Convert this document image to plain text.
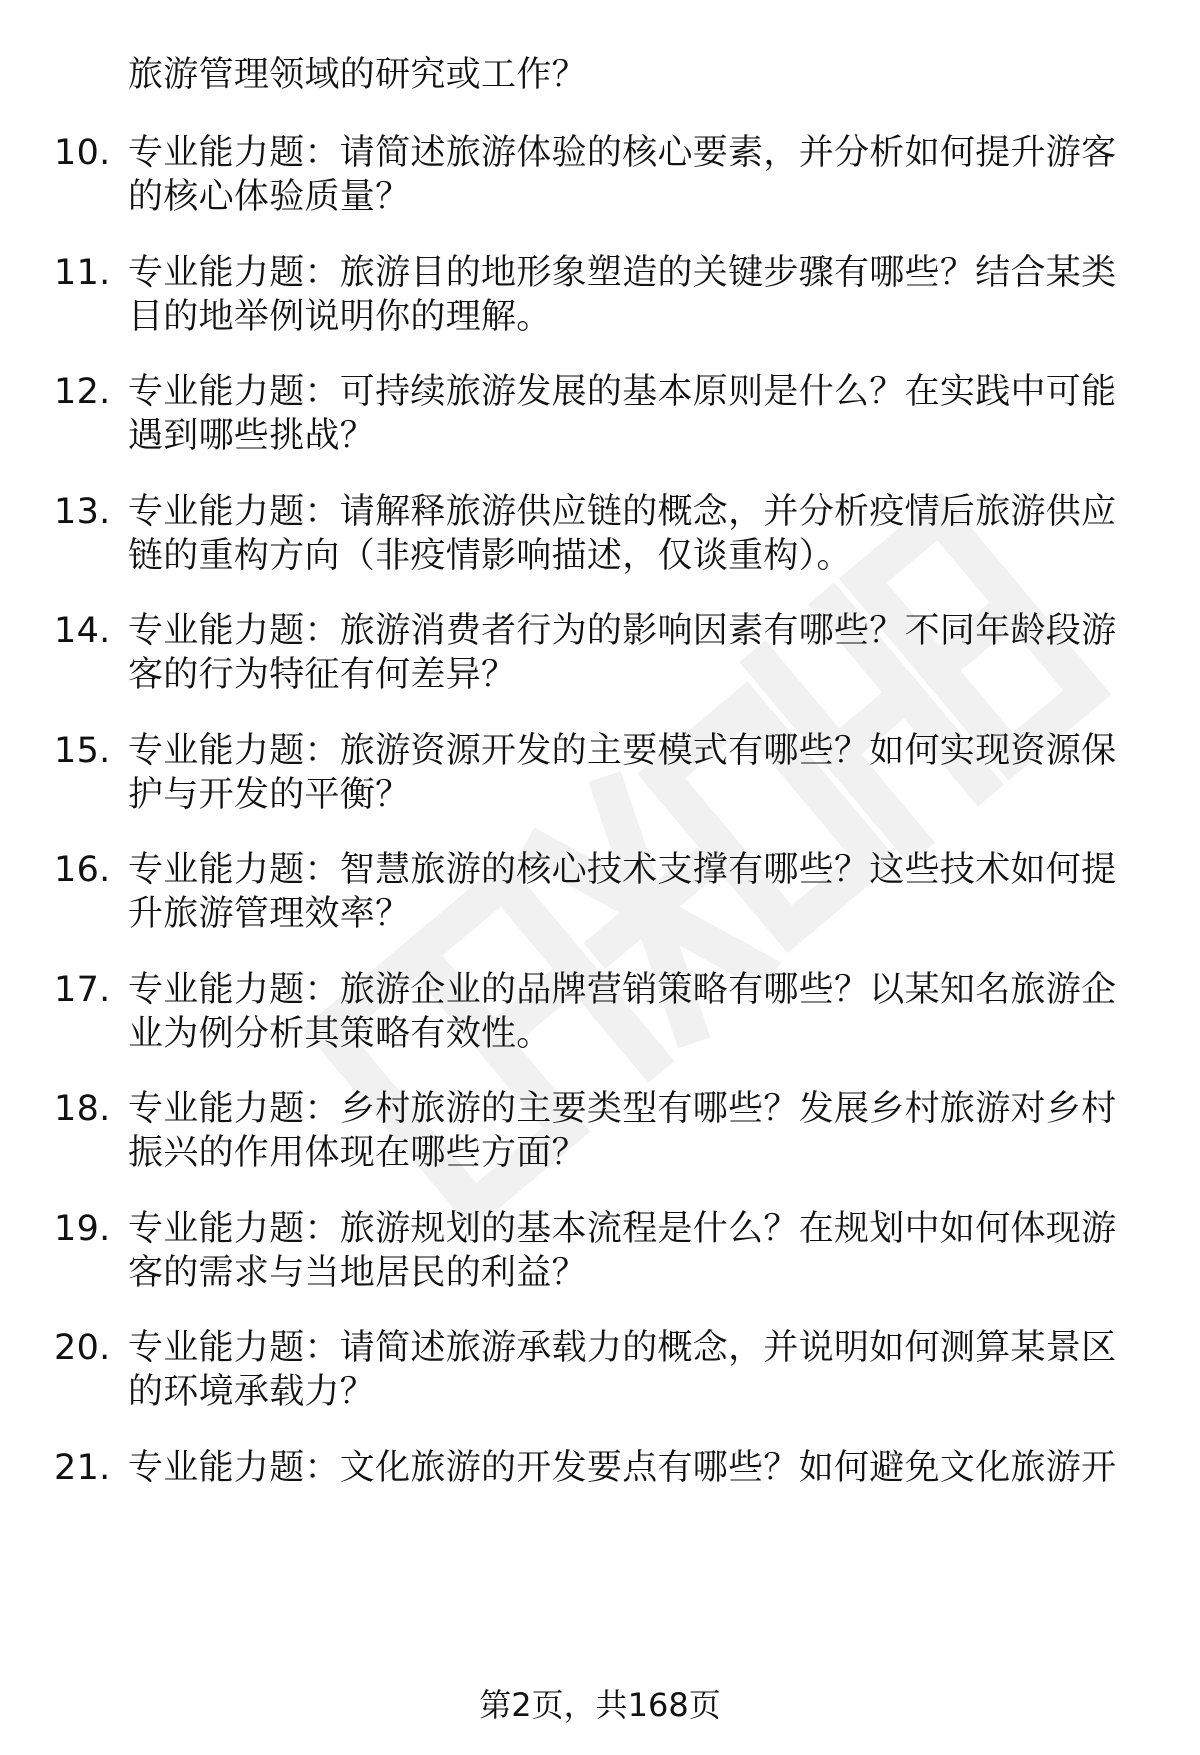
旅游管理领域的研究或工作？
10. 专业能力题：请简述旅游体验的核心要素，并分析如何提升游客
的核心体验质量？
11. 专业能力题：旅游目的地形象塑造的关键步骤有哪些？结合某类
目的地举例说明你的理解。
12. 专业能力题：可持续旅游发展的基本原则是什么？在实践中可能
遇到哪些挑战？
13. 专业能力题：请解释旅游供应链的概念，并分析疫情后旅游供应
链的重构方向（非疫情影响描述，仅谈重构）。
14. 专业能力题：旅游消费者行为的影响因素有哪些？不同年龄段游
客的行为特征有何差异？
15. 专业能力题：旅游资源开发的主要模式有哪些？如何实现资源保
护与开发的平衡？
16. 专业能力题：智慧旅游的核心技术支撑有哪些？这些技术如何提
升旅游管理效率？
17. 专业能力题：旅游企业的品牌营销策略有哪些？以某知名旅游企
业为例分析其策略有效性。
18. 专业能力题：乡村旅游的主要类型有哪些？发展乡村旅游对乡村
振兴的作用体现在哪些方面？
19. 专业能力题：旅游规划的基本流程是什么？在规划中如何体现游
客的需求与当地居民的利益？
20. 专业能力题：请简述旅游承载力的概念，并说明如何测算某景区
的环境承载力？
21. 专业能力题：文化旅游的开发要点有哪些？如何避免文化旅游开
第2页，共168页
